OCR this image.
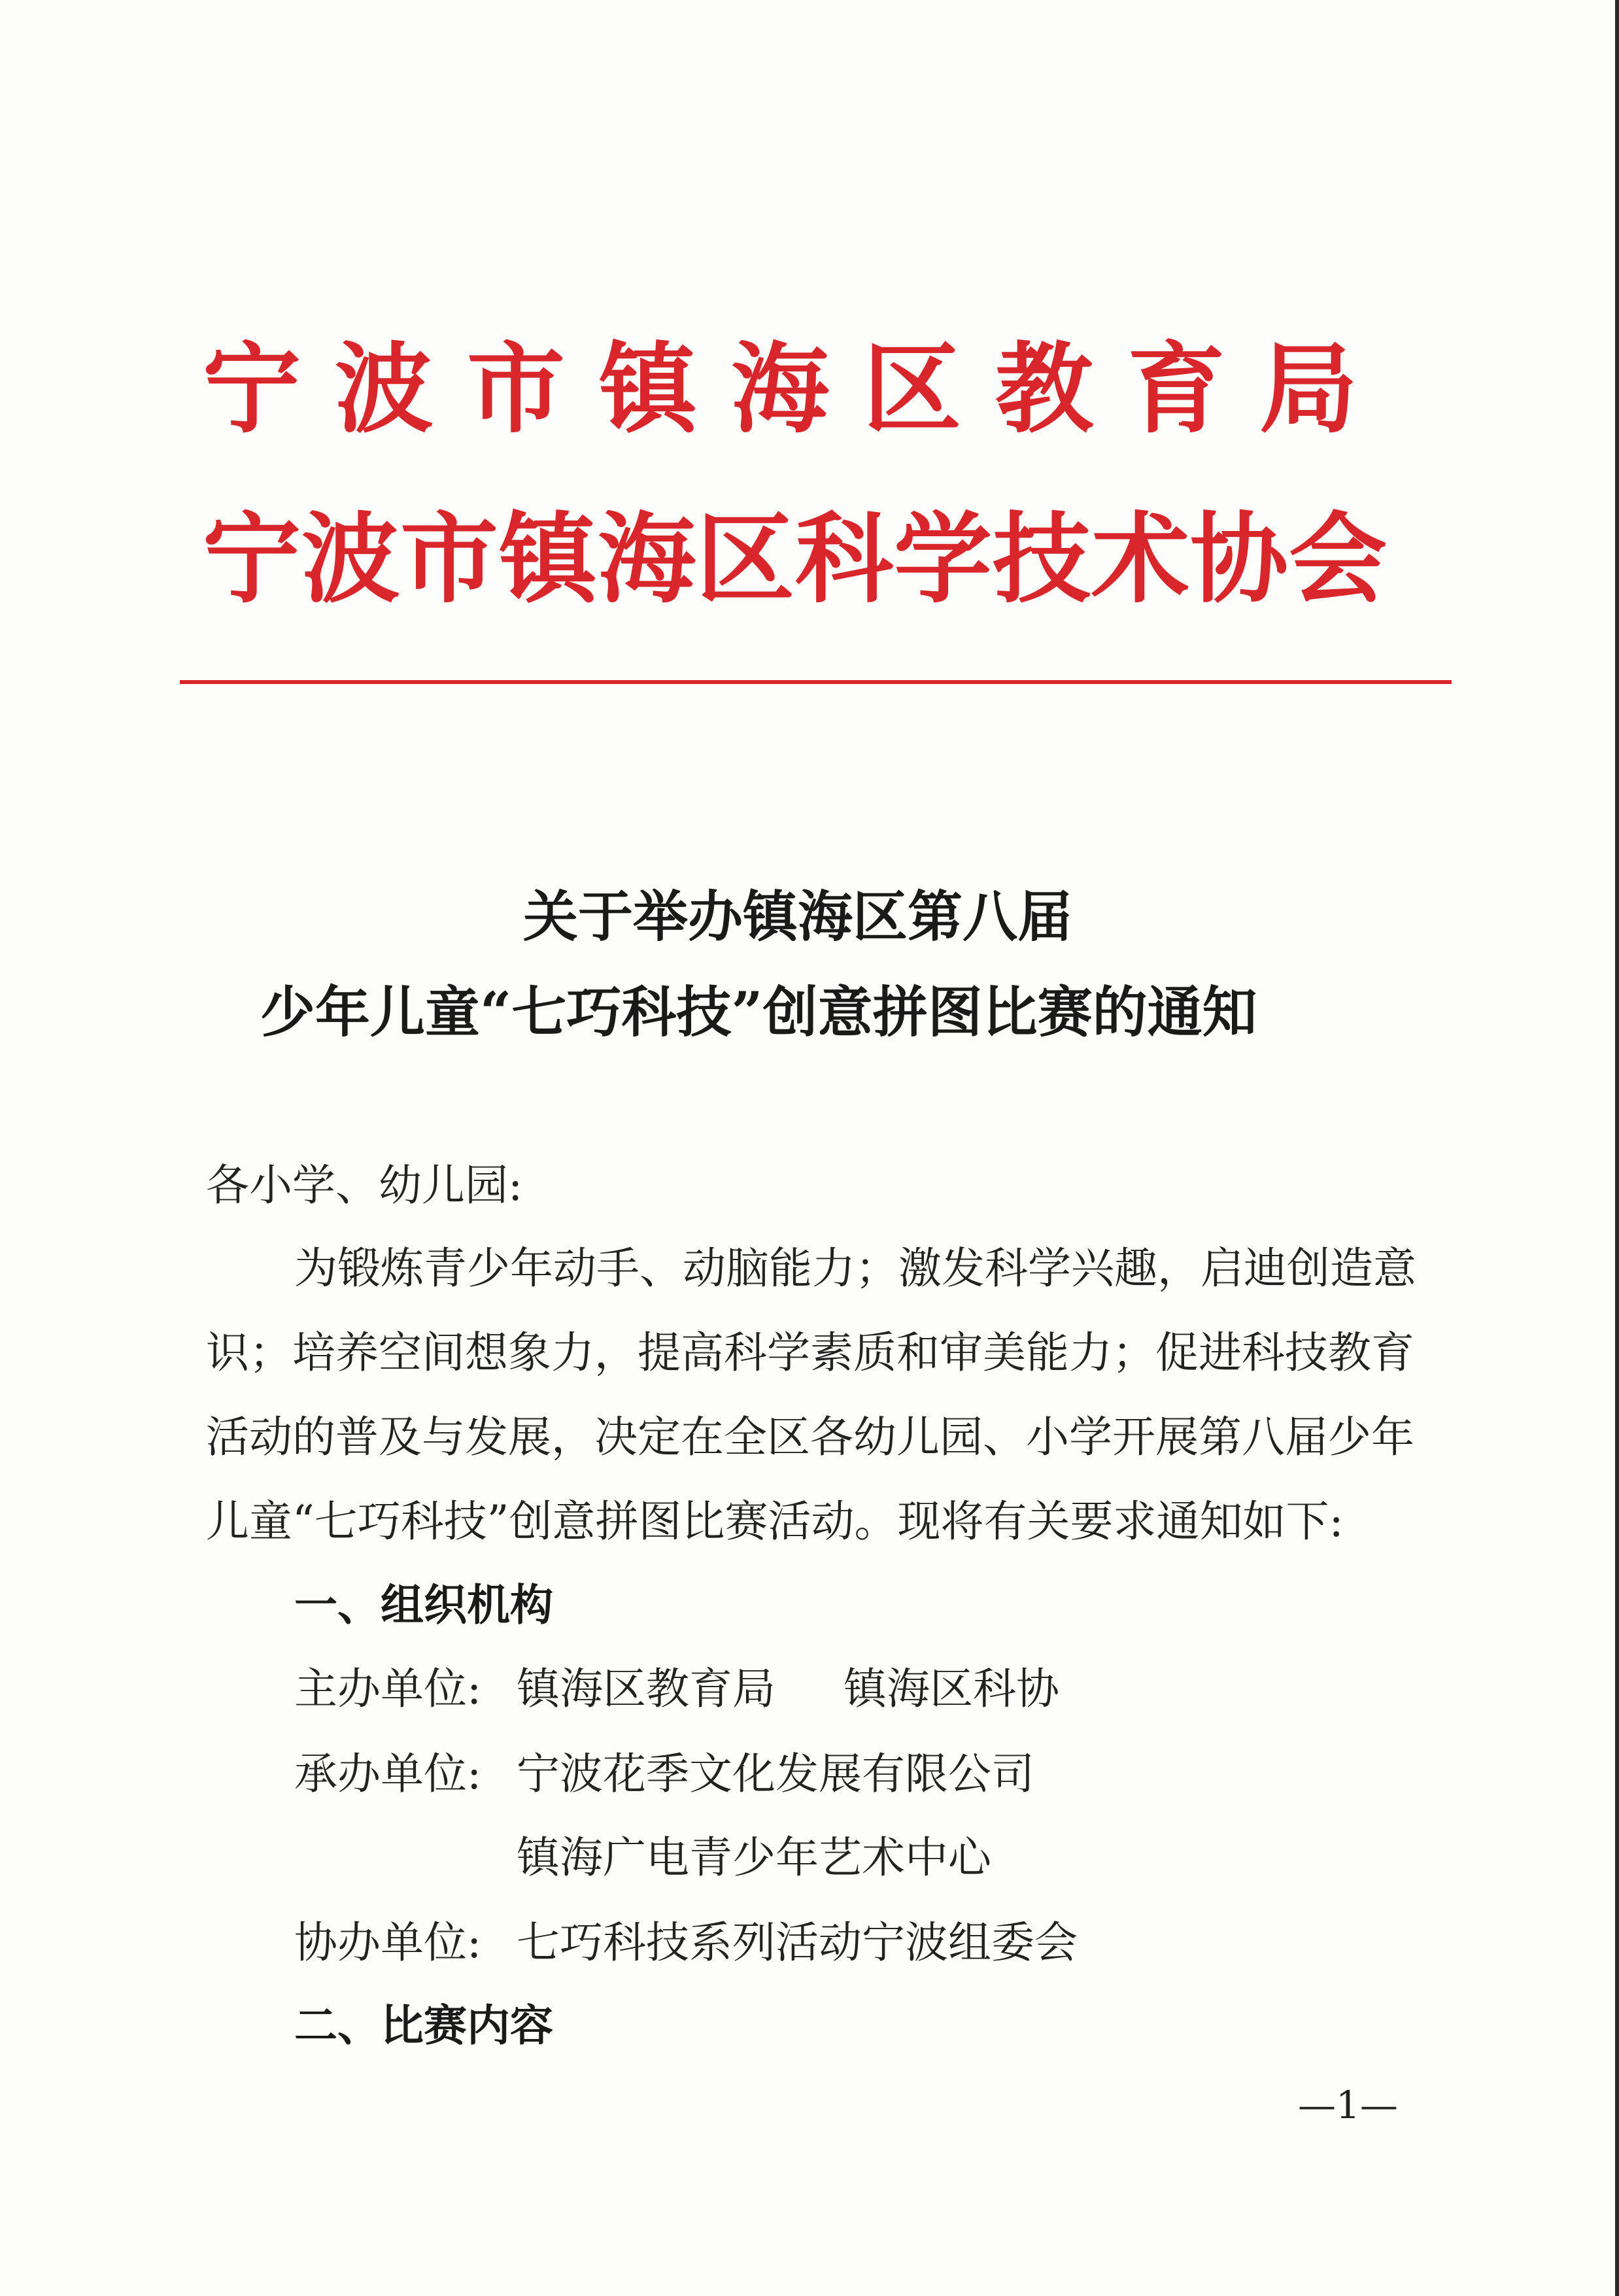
宁波市镇海区教育局
宁波市镇海区科学技术协会
关于举办镇海区第八届
少年儿童“七巧科技”创意拼图比赛的通知
各小学、幼儿园:
为锻炼青少年动手、动脑能力；激发科学兴趣，启迪创造意
识；培养空间想象力，提高科学素质和审美能力；促进科技教育
活动的普及与发展，决定在全区各幼儿园、小学开展第八届少年
儿童“七巧科技”创意拼图比赛活动。现将有关要求通知如下:
一、组织机构
主办单位: 镇海区教育局 镇海区科协
承办单位: 宁波花季文化发展有限公司
镇海广电青少年艺术中心
协办单位: 七巧科技系列活动宁波组委会
二、比赛内容
—1—
